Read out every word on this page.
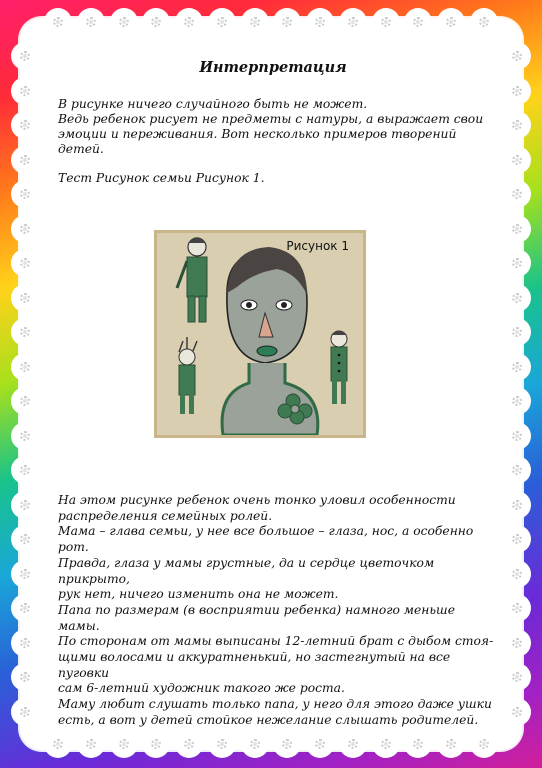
Интерпретация

В рисунке ничего случайного быть не может.

Ведь ребенок рисует не предметы с натуры, а выражает свои

эмоции и переживания. Вот несколько примеров творений детей.

Тест Рисунок семьи Рисунок 1.

Рисунок 1

На этом рисунке ребенок очень тонко уловил особенности

распределения семейных ролей.

Мама – глава семьи, у нее все большое – глаза, нос, а особенно рот.

Правда, глаза у мамы грустные, да и сердце цветочком прикрыто,

рук нет, ничего изменить она не может.

Папа по размерам (в восприятии ребенка) намного меньше мамы.

По сторонам от мамы выписаны 12-летний брат с дыбом стоя-

щими волосами и аккуратненький, но застегнутый на все пуговки

сам 6-летний художник такого же роста.

Маму любит слушать только папа, у него для этого даже ушки

есть, а вот у детей стойкое нежелание слышать родителей.
